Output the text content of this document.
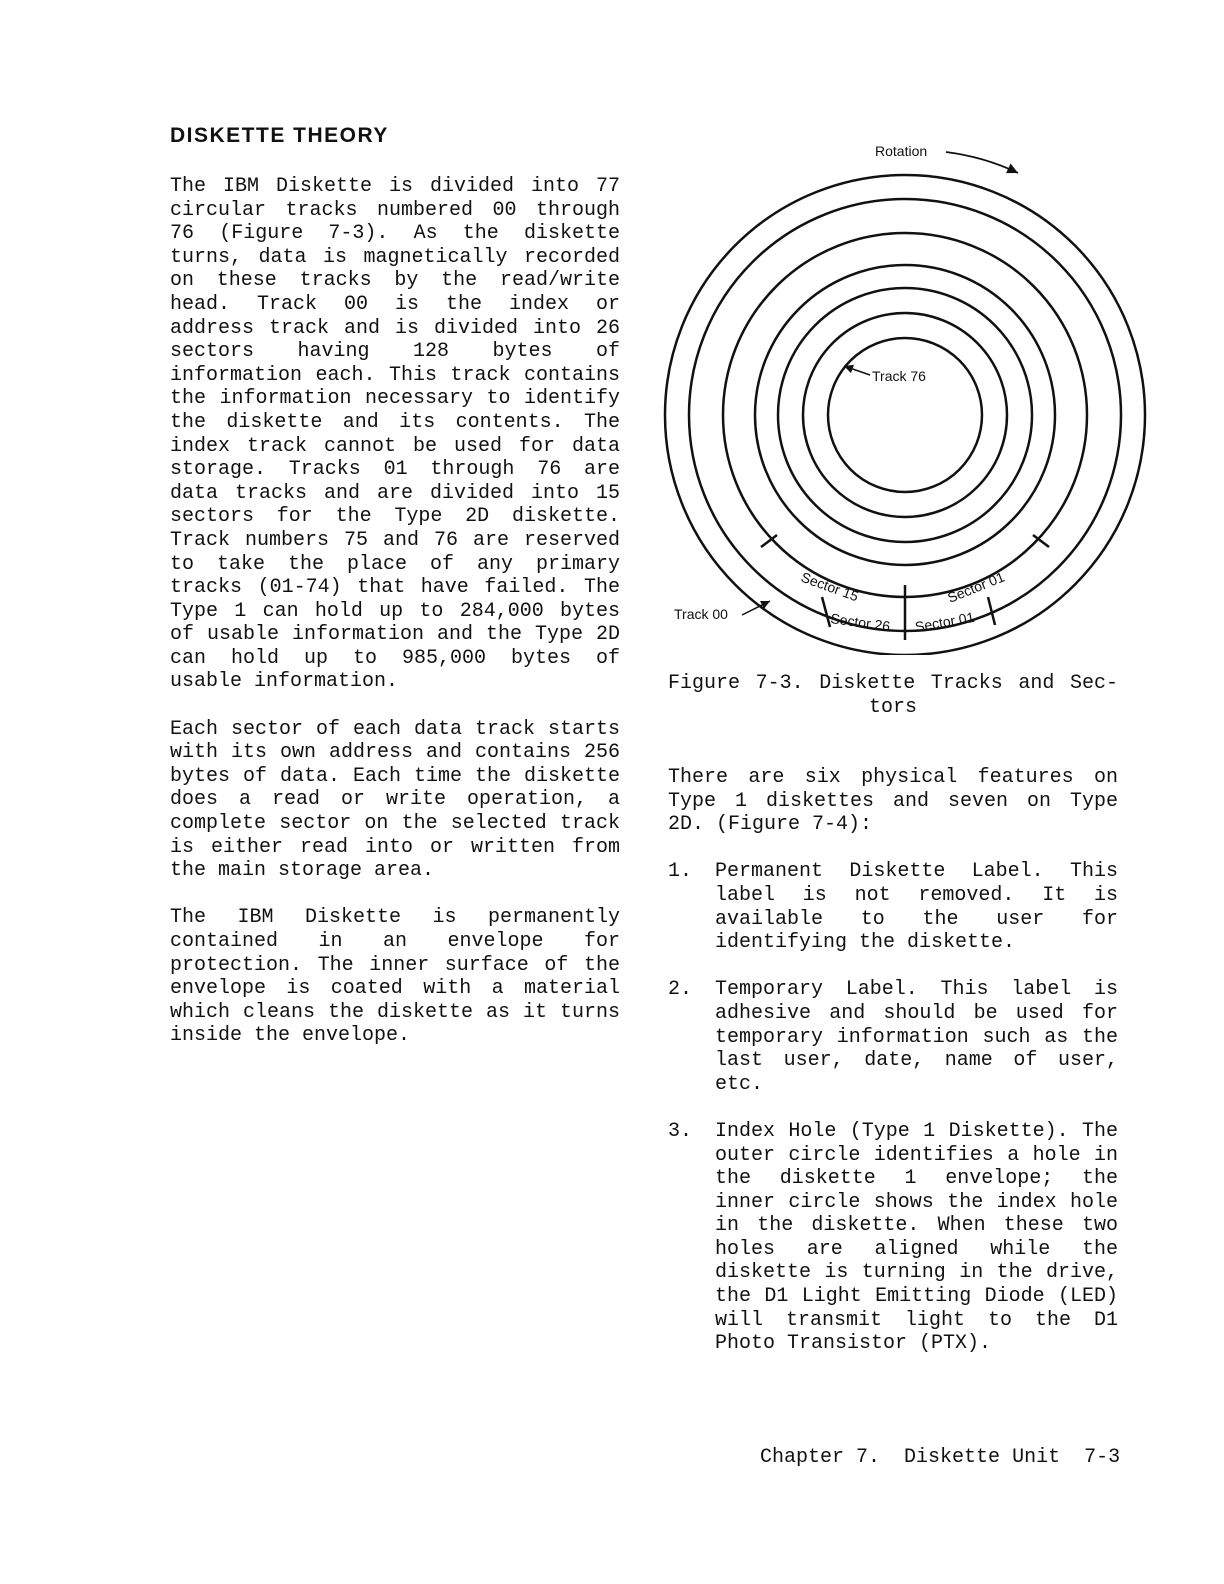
DISKETTE THEORY

The IBM Diskette is divided into 77 circular tracks numbered 00 through 76 (Figure 7-3). As the diskette turns, data is magnetically recorded on these tracks by the read/write head. Track 00 is the index or address track and is divided into 26 sectors having 128 bytes of information each. This track contains the information necessary to identify the diskette and its contents. The index track cannot be used for data storage. Tracks 01 through 76 are data tracks and are divided into 15 sectors for the Type 2D diskette. Track numbers 75 and 76 are reserved to take the place of any primary tracks (01-74) that have failed. The Type 1 can hold up to 284,000 bytes of usable information and the Type 2D can hold up to 985,000 bytes of usable information.

Each sector of each data track starts with its own address and contains 256 bytes of data. Each time the diskette does a read or write operation, a complete sector on the selected track is either read into or written from the main storage area.

The IBM Diskette is permanently contained in an envelope for protection. The inner surface of the envelope is coated with a material which cleans the diskette as it turns inside the envelope.

Rotation
Track 76
Track 00
Sector 15	Sector 01
Sector 26 Sector 01
Figure 7-3. Diskette Tracks and Sec-
tors

There are six physical features on Type 1 diskettes and seven on Type 2D. (Figure 7-4):

1. Permanent Diskette Label. This label is not removed. It is available to the user for identifying the diskette.
2. Temporary Label. This label is adhesive and should be used for temporary information such as the last user, date, name of user, etc.
3. Index Hole (Type 1 Diskette). The outer circle identifies a hole in the diskette 1 envelope; the inner circle shows the index hole in the diskette. When these two holes are aligned while the diskette is turning in the drive, the D1 Light Emitting Diode (LED) will transmit light to the D1 Photo Transistor (PTX).
Chapter 7. Diskette Unit 7-3
